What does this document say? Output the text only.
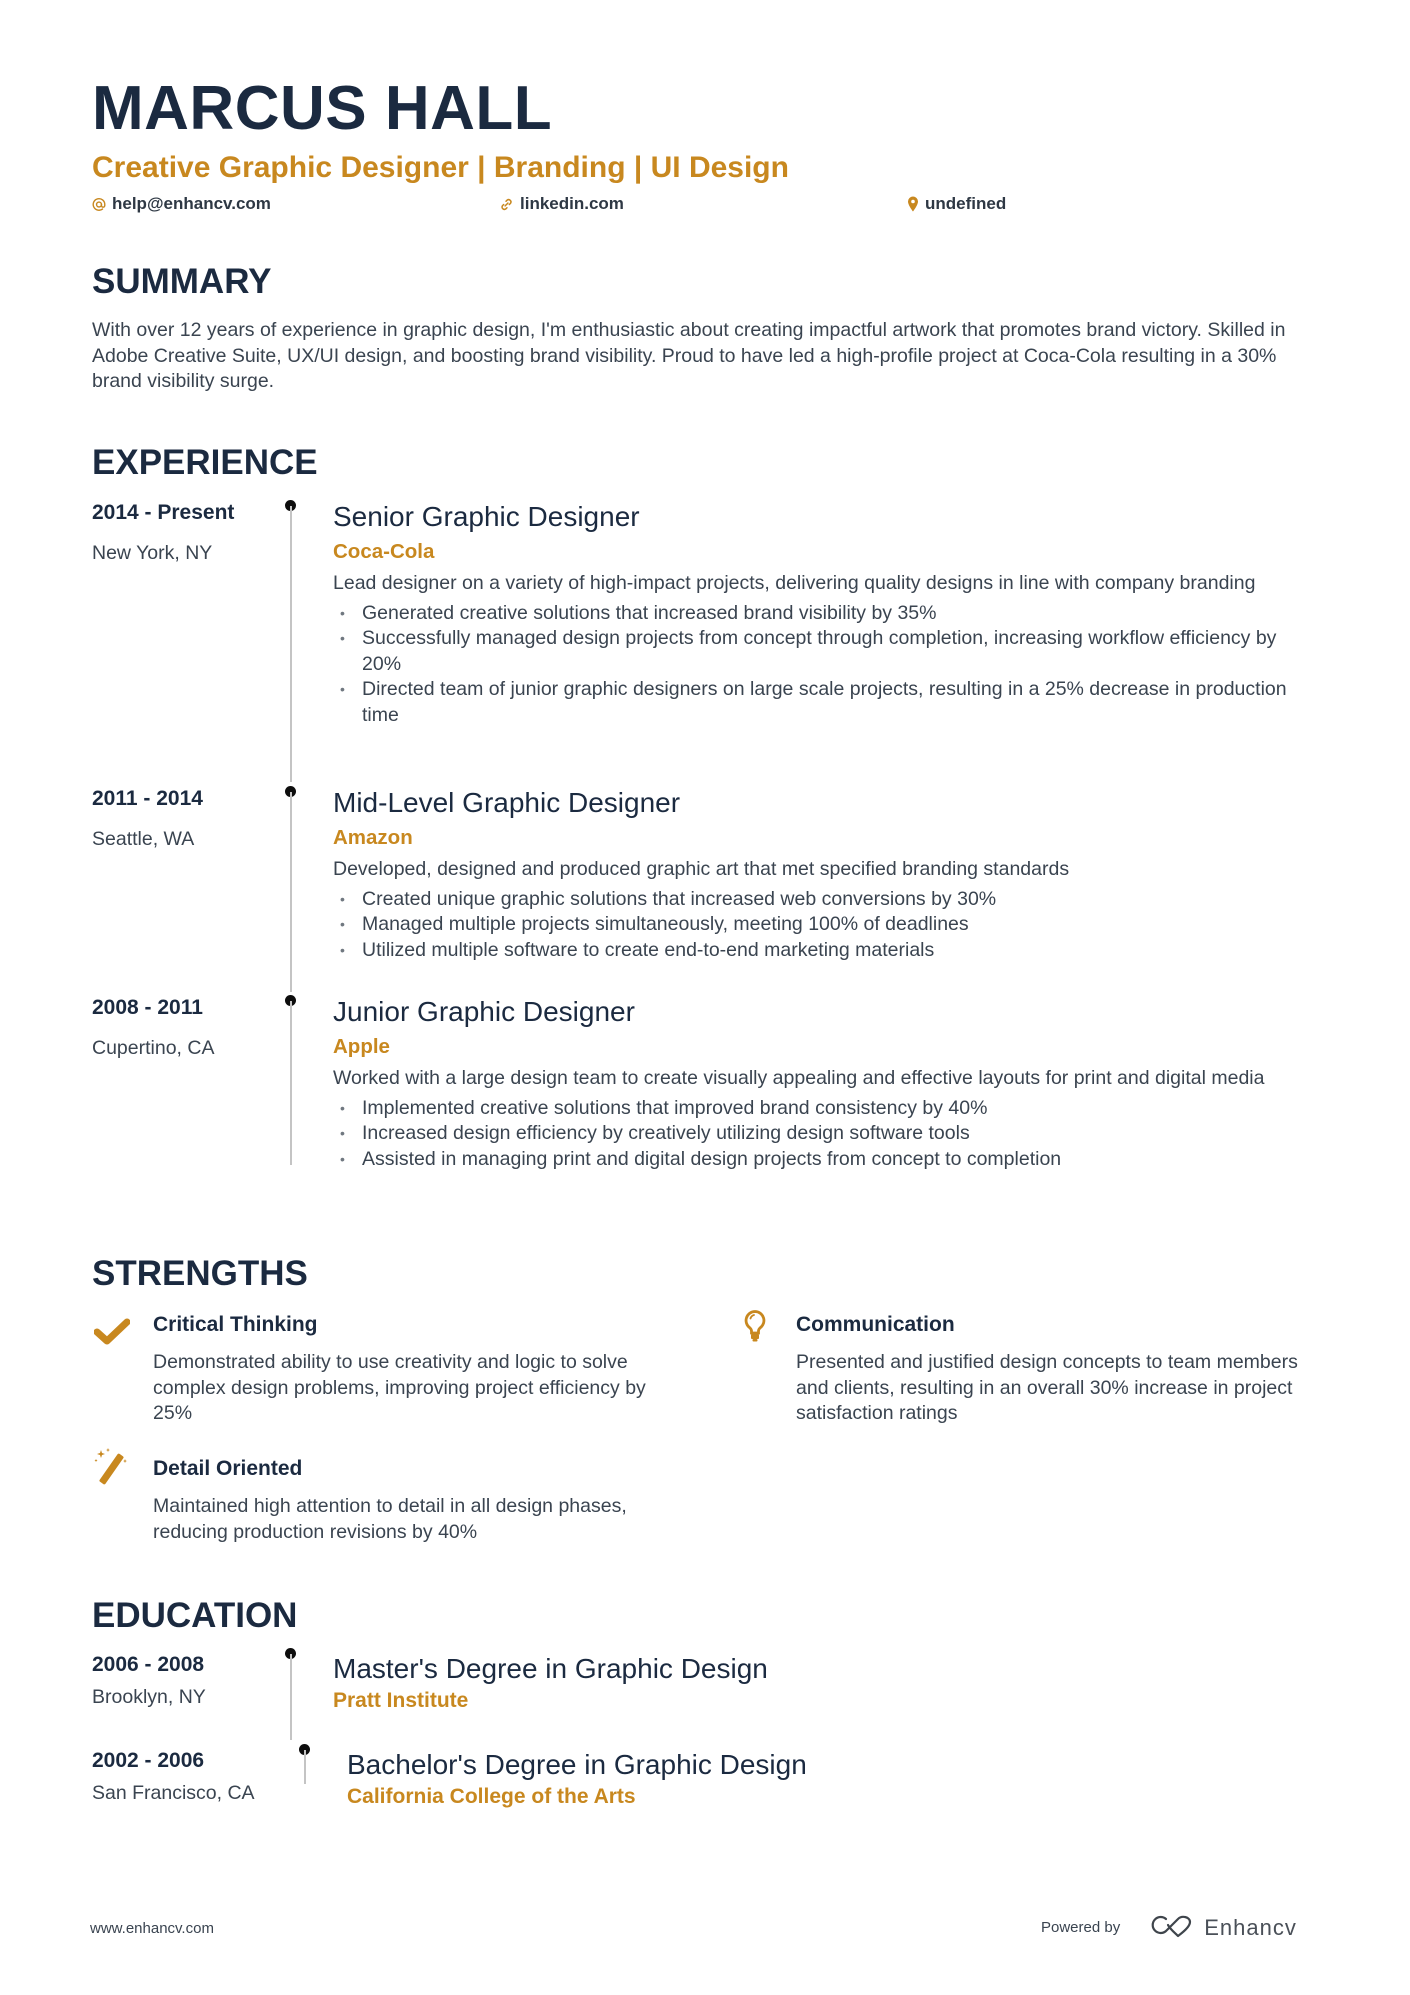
MARCUS HALL
Creative Graphic Designer | Branding | UI Design
help@enhancv.com	linkedin.com	undefined
SUMMARY
With over 12 years of experience in graphic design, I'm enthusiastic about creating impactful artwork that promotes brand victory. Skilled in Adobe Creative Suite, UX/UI design, and boosting brand visibility. Proud to have led a high-profile project at Coca-Cola resulting in a 30% brand visibility surge.
EXPERIENCE
2014 - Present
New York, NY
Senior Graphic Designer
Coca-Cola
Lead designer on a variety of high-impact projects, delivering quality designs in line with company branding
• Generated creative solutions that increased brand visibility by 35%
• Successfully managed design projects from concept through completion, increasing workflow efficiency by 20%
• Directed team of junior graphic designers on large scale projects, resulting in a 25% decrease in production time
2011 - 2014
Seattle, WA
Mid-Level Graphic Designer
Amazon
Developed, designed and produced graphic art that met specified branding standards
• Created unique graphic solutions that increased web conversions by 30%
• Managed multiple projects simultaneously, meeting 100% of deadlines
• Utilized multiple software to create end-to-end marketing materials
2008 - 2011
Cupertino, CA
Junior Graphic Designer
Apple
Worked with a large design team to create visually appealing and effective layouts for print and digital media
• Implemented creative solutions that improved brand consistency by 40%
• Increased design efficiency by creatively utilizing design software tools
• Assisted in managing print and digital design projects from concept to completion
STRENGTHS
Critical Thinking
Demonstrated ability to use creativity and logic to solve complex design problems, improving project efficiency by 25%
Communication
Presented and justified design concepts to team members and clients, resulting in an overall 30% increase in project satisfaction ratings
Detail Oriented
Maintained high attention to detail in all design phases, reducing production revisions by 40%
EDUCATION
2006 - 2008
Brooklyn, NY
Master's Degree in Graphic Design
Pratt Institute
2002 - 2006
San Francisco, CA
Bachelor's Degree in Graphic Design
California College of the Arts
www.enhancv.com	Powered by	Enhancv
